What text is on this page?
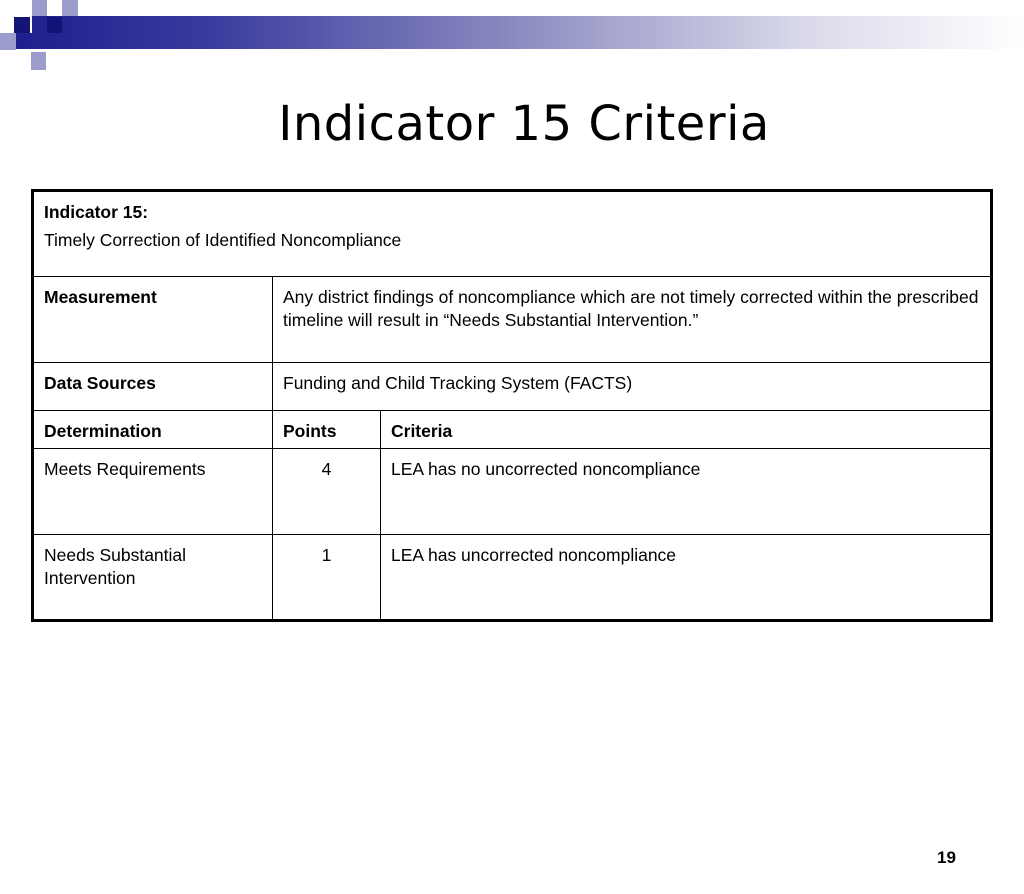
Indicator 15 Criteria
Indicator 15:
Timely Correction of Identified Noncompliance		

Measurement	Any district findings of noncompliance which are not timely corrected within the prescribed timeline will result in “Needs Substantial Intervention.”	
Data Sources	Funding and Child Tracking System (FACTS)	
Determination	Points	Criteria
Meets Requirements	4	LEA has no uncorrected noncompliance

Needs Substantial Intervention	1	LEA has uncorrected noncompliance
19
